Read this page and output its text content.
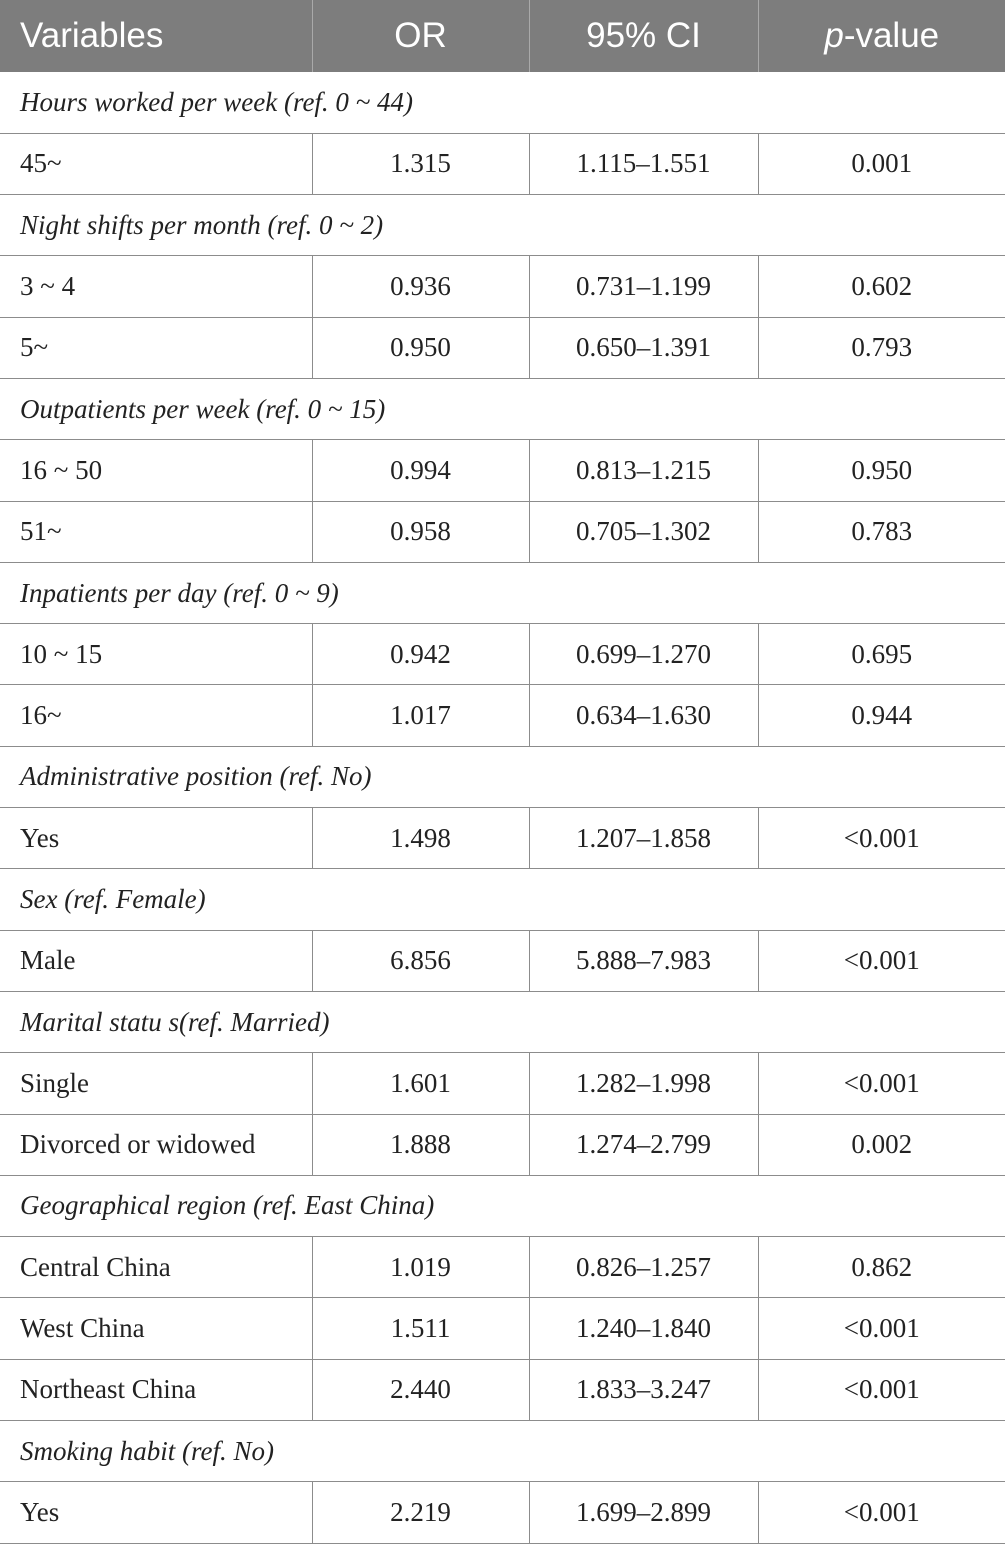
Variables	OR	95% CI	p-value
Hours worked per week (ref. 0 ~ 44)			
45~	1.315	1.115–1.551	0.001
Night shifts per month (ref. 0 ~ 2)			
3 ~ 4	0.936	0.731–1.199	0.602
5~	0.950	0.650–1.391	0.793
Outpatients per week (ref. 0 ~ 15)			
16 ~ 50	0.994	0.813–1.215	0.950
51~	0.958	0.705–1.302	0.783
Inpatients per day (ref. 0 ~ 9)			
10 ~ 15	0.942	0.699–1.270	0.695
16~	1.017	0.634–1.630	0.944
Administrative position (ref. No)			
Yes	1.498	1.207–1.858	<0.001
Sex (ref. Female)			
Male	6.856	5.888–7.983	<0.001
Marital statu s(ref. Married)			
Single	1.601	1.282–1.998	<0.001
Divorced or widowed	1.888	1.274–2.799	0.002
Geographical region (ref. East China)			
Central China	1.019	0.826–1.257	0.862
West China	1.511	1.240–1.840	<0.001
Northeast China	2.440	1.833–3.247	<0.001
Smoking habit (ref. No)			
Yes	2.219	1.699–2.899	<0.001
